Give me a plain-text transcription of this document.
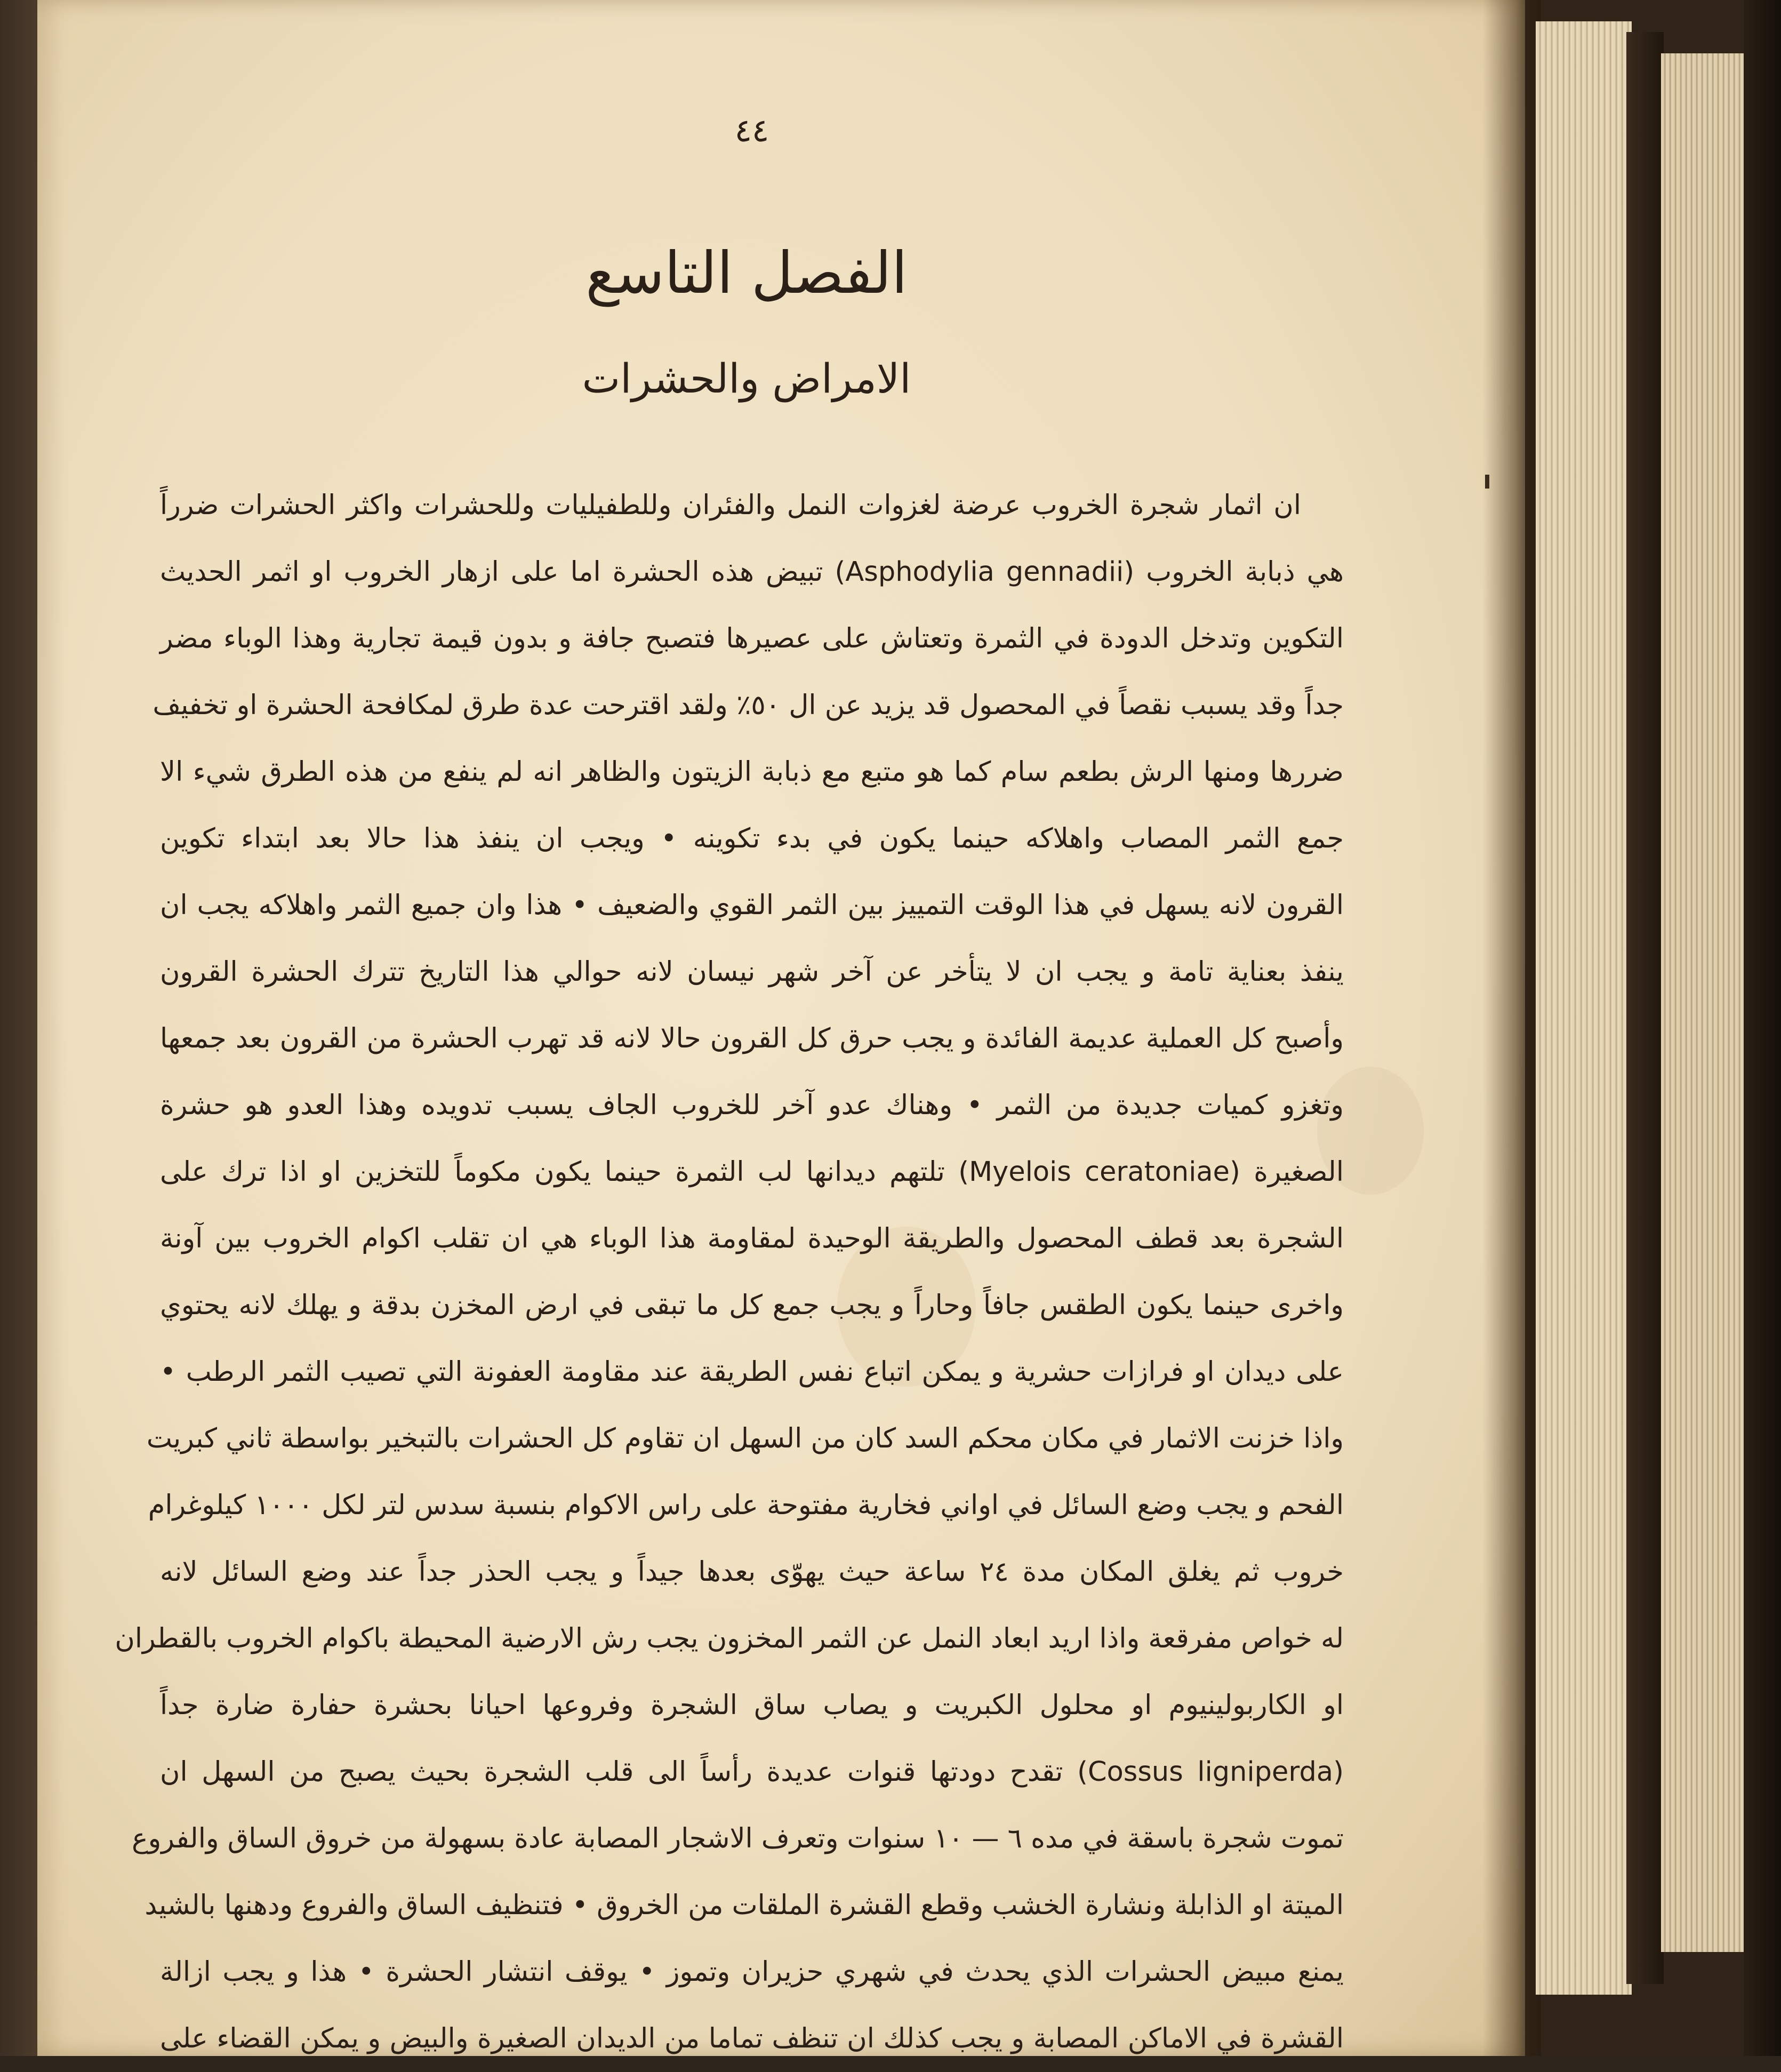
٤٤
الفصل التاسع
الامراض والحشرات
ان اثمار شجرة الخروب عرضة لغزوات النمل والفئران وللطفيليات وللحشرات واكثر الحشرات ضرراً
هي ذبابة الخروب (Asphodylia gennadii) تبيض هذه الحشرة اما على ازهار الخروب او اثمر الحديث
التكوين وتدخل الدودة في الثمرة وتعتاش على عصيرها فتصبح جافة و بدون قيمة تجارية وهذا الوباء مضر
جداً وقد يسبب نقصاً في المحصول قد يزيد عن ال ٥٠٪ ولقد اقترحت عدة طرق لمكافحة الحشرة او تخفيف
ضررها ومنها الرش بطعم سام كما هو متبع مع ذبابة الزيتون والظاهر انه لم ينفع من هذه الطرق شيء الا
جمع الثمر المصاب واهلاكه حينما يكون في بدء تكوينه • ويجب ان ينفذ هذا حالا بعد ابتداء تكوين
القرون لانه يسهل في هذا الوقت التمييز بين الثمر القوي والضعيف • هذا وان جميع الثمر واهلاكه يجب ان
ينفذ بعناية تامة و يجب ان لا يتأخر عن آخر شهر نيسان لانه حوالي هذا التاريخ تترك الحشرة القرون
وأصبح كل العملية عديمة الفائدة و يجب حرق كل القرون حالا لانه قد تهرب الحشرة من القرون بعد جمعها
وتغزو كميات جديدة من الثمر • وهناك عدو آخر للخروب الجاف يسبب تدويده وهذا العدو هو حشرة
الصغيرة (Myelois ceratoniae) تلتهم ديدانها لب الثمرة حينما يكون مكوماً للتخزين او اذا ترك على
الشجرة بعد قطف المحصول والطريقة الوحيدة لمقاومة هذا الوباء هي ان تقلب اكوام الخروب بين آونة
واخرى حينما يكون الطقس جافاً وحاراً و يجب جمع كل ما تبقى في ارض المخزن بدقة و يهلك لانه يحتوي
على ديدان او فرازات حشرية و يمكن اتباع نفس الطريقة عند مقاومة العفونة التي تصيب الثمر الرطب •
واذا خزنت الاثمار في مكان محكم السد كان من السهل ان تقاوم كل الحشرات بالتبخير بواسطة ثاني كبريت
الفحم و يجب وضع السائل في اواني فخارية مفتوحة على راس الاكوام بنسبة سدس لتر لكل ١٠٠٠ كيلوغرام
خروب ثم يغلق المكان مدة ٢٤ ساعة حيث يهوّى بعدها جيداً و يجب الحذر جداً عند وضع السائل لانه
له خواص مفرقعة واذا اريد ابعاد النمل عن الثمر المخزون يجب رش الارضية المحيطة باكوام الخروب بالقطران
او الكاربولينيوم او محلول الكبريت و يصاب ساق الشجرة وفروعها احيانا بحشرة حفارة ضارة جداً
(Cossus ligniperda) تقدح دودتها قنوات عديدة رأساً الى قلب الشجرة بحيث يصبح من السهل ان
تموت شجرة باسقة في مده ٦ — ١٠ سنوات وتعرف الاشجار المصابة عادة بسهولة من خروق الساق والفروع
الميتة او الذابلة ونشارة الخشب وقطع القشرة الملقات من الخروق • فتنظيف الساق والفروع ودهنها بالشيد
يمنع مبيض الحشرات الذي يحدث في شهري حزيران وتموز • يوقف انتشار الحشرة • هذا و يجب ازالة
القشرة في الاماكن المصابة و يجب كذلك ان تنظف تماما من الديدان الصغيرة والبيض و يمكن القضاء على
